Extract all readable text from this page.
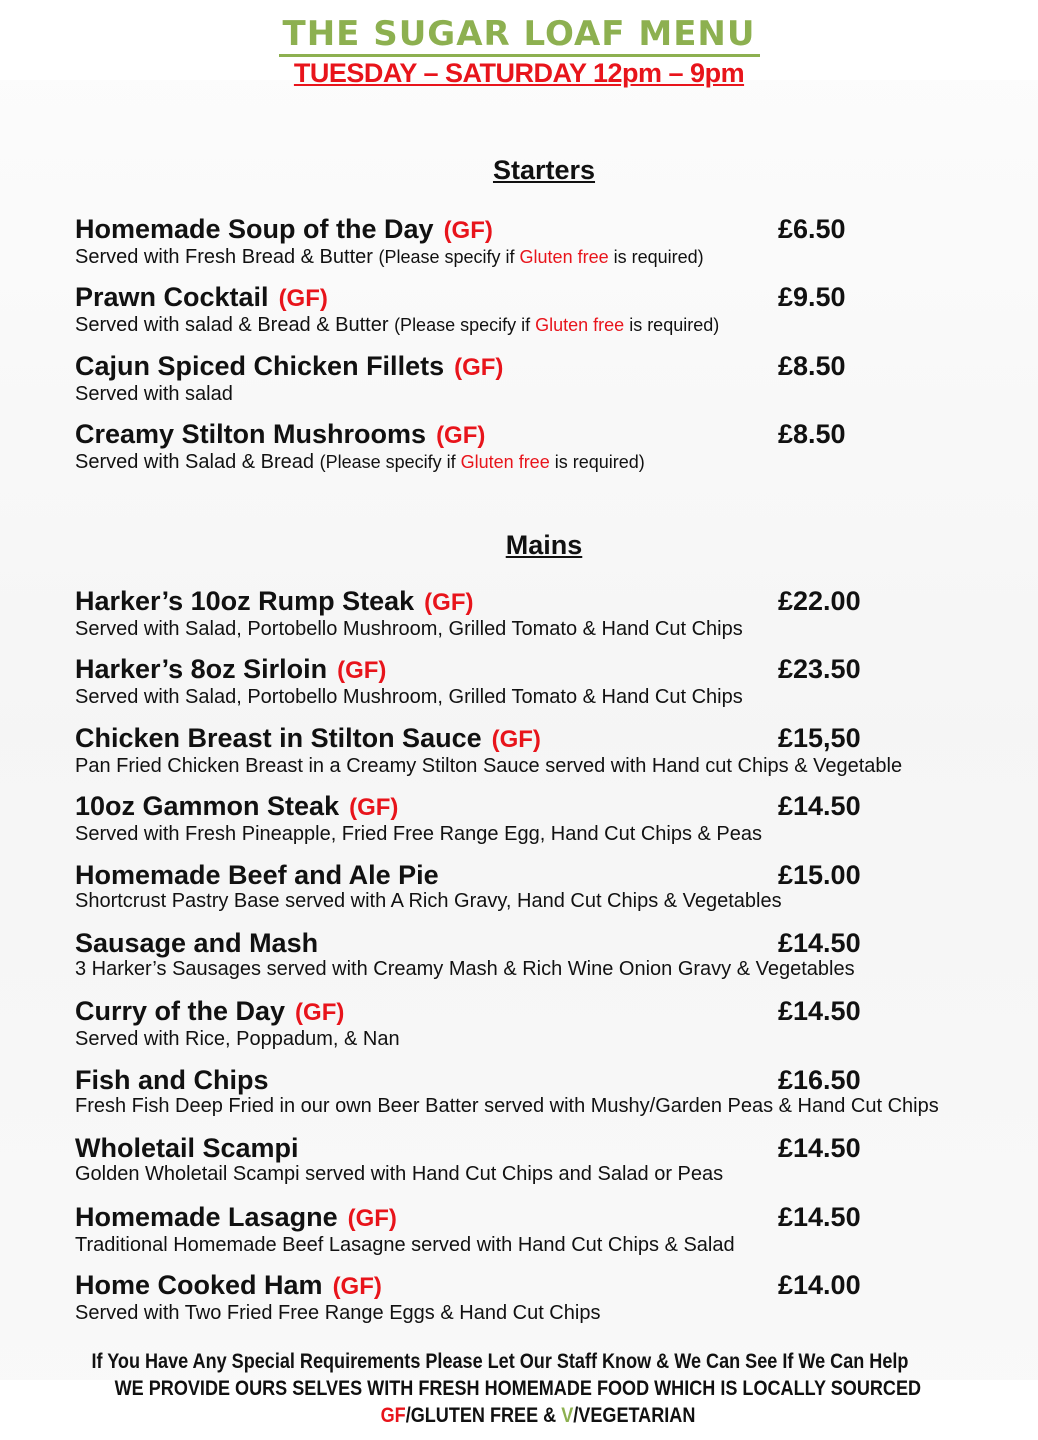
THE SUGAR LOAF MENU
TUESDAY – SATURDAY 12pm – 9pm
Starters
Homemade Soup of the Day (GF)	£6.50
Served with Fresh Bread & Butter (Please specify if Gluten free is required)
Prawn Cocktail (GF)	£9.50
Served with salad & Bread & Butter (Please specify if Gluten free is required)
Cajun Spiced Chicken Fillets (GF)	£8.50
Served with salad
Creamy Stilton Mushrooms (GF)	£8.50
Served with Salad & Bread (Please specify if Gluten free is required)
Mains
Harker’s 10oz Rump Steak (GF)	£22.00
Served with Salad, Portobello Mushroom, Grilled Tomato & Hand Cut Chips
Harker’s 8oz Sirloin (GF)	£23.50
Served with Salad, Portobello Mushroom, Grilled Tomato & Hand Cut Chips
Chicken Breast in Stilton Sauce (GF)	£15,50
Pan Fried Chicken Breast in a Creamy Stilton Sauce served with Hand cut Chips & Vegetable
10oz Gammon Steak (GF)	£14.50
Served with Fresh Pineapple, Fried Free Range Egg, Hand Cut Chips & Peas
Homemade Beef and Ale Pie	£15.00
Shortcrust Pastry Base served with A Rich Gravy, Hand Cut Chips & Vegetables
Sausage and Mash	£14.50
3 Harker’s Sausages served with Creamy Mash & Rich Wine Onion Gravy & Vegetables
Curry of the Day (GF)	£14.50
Served with Rice, Poppadum, & Nan
Fish and Chips	£16.50
Fresh Fish Deep Fried in our own Beer Batter served with Mushy/Garden Peas & Hand Cut Chips
Wholetail Scampi	£14.50
Golden Wholetail Scampi served with Hand Cut Chips and Salad or Peas
Homemade Lasagne (GF)	£14.50
Traditional Homemade Beef Lasagne served with Hand Cut Chips & Salad
Home Cooked Ham (GF)	£14.00
Served with Two Fried Free Range Eggs & Hand Cut Chips
If You Have Any Special Requirements Please Let Our Staff Know & We Can See If We Can Help
WE PROVIDE OURS SELVES WITH FRESH HOMEMADE FOOD WHICH IS LOCALLY SOURCED
GF/GLUTEN FREE & V/VEGETARIAN
